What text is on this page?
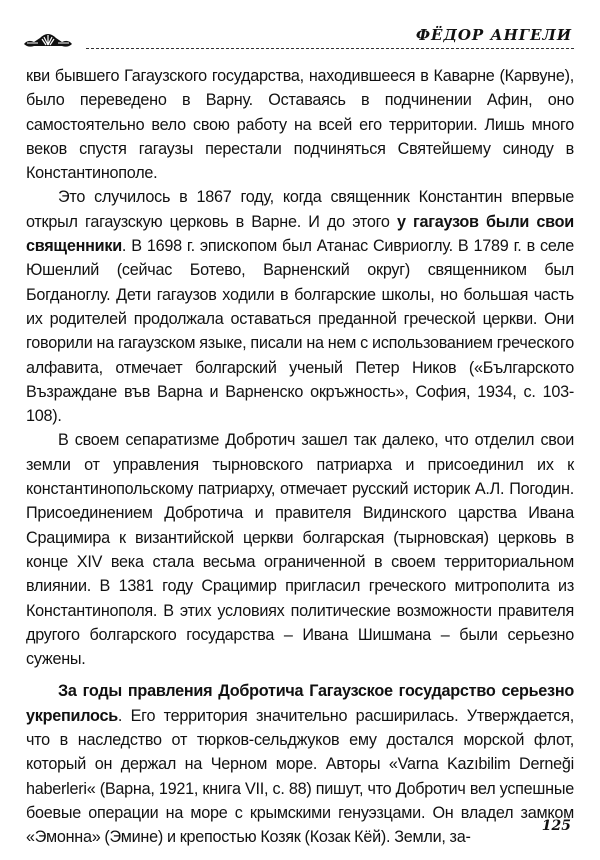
ФЁДОР АНГЕЛИ

кви бывшего Гагаузского государства, находившееся в Каварне (Карвуне), было переведено в Варну. Оставаясь в подчинении Афин, оно самостоятельно вело свою работу на всей его территории. Лишь много веков спустя гагаузы перестали подчиняться Святейшему синоду в Константинополе.

Это случилось в 1867 году, когда священник Константин впервые открыл гагаузскую церковь в Варне. И до этого у гагаузов были свои священники. В 1698 г. эпископом был Атанас Сивриоглу. В 1789 г. в селе Юшенлий (сейчас Ботево, Варненский округ) священником был Богданоглу. Дети гагаузов ходили в болгарские школы, но большая часть их родителей продолжала оставаться преданной греческой церкви. Они говорили на гагаузском языке, писали на нем с использованием греческого алфавита, отмечает болгарский ученый Петер Ников («Българското Възраждане във Варна и Варненско окръжность», София, 1934, с. 103-108).

В своем сепаратизме Добротич зашел так далеко, что отделил свои земли от управления тырновского патриарха и присоединил их к константинопольскому патриарху, отмечает русский историк А.Л. Погодин. Присоединением Добротича и правителя Видинского царства Ивана Срацимира к византийской церкви болгарская (тырновская) церковь в конце XIV века стала весьма ограниченной в своем территориальном влиянии. В 1381 году Срацимир пригласил греческого митрополита из Константинополя. В этих условиях политические возможности правителя другого болгарского государства – Ивана Шишмана – были серьезно сужены.

За годы правления Добротича Гагаузское государство серьезно укрепилось. Его территория значительно расширилась. Утверждается, что в наследство от тюрков-сельджуков ему достался морской флот, который он держал на Черном море. Авторы «Varna Kazıbilim Derneği haberleri« (Варна, 1921, книга VII, с. 88) пишут, что Добротич вел успешные боевые операции на море с крымскими генуэзцами. Он владел замком «Эмонна» (Эмине) и крепостью Козяк (Козак Кёй). Земли, за-

125
